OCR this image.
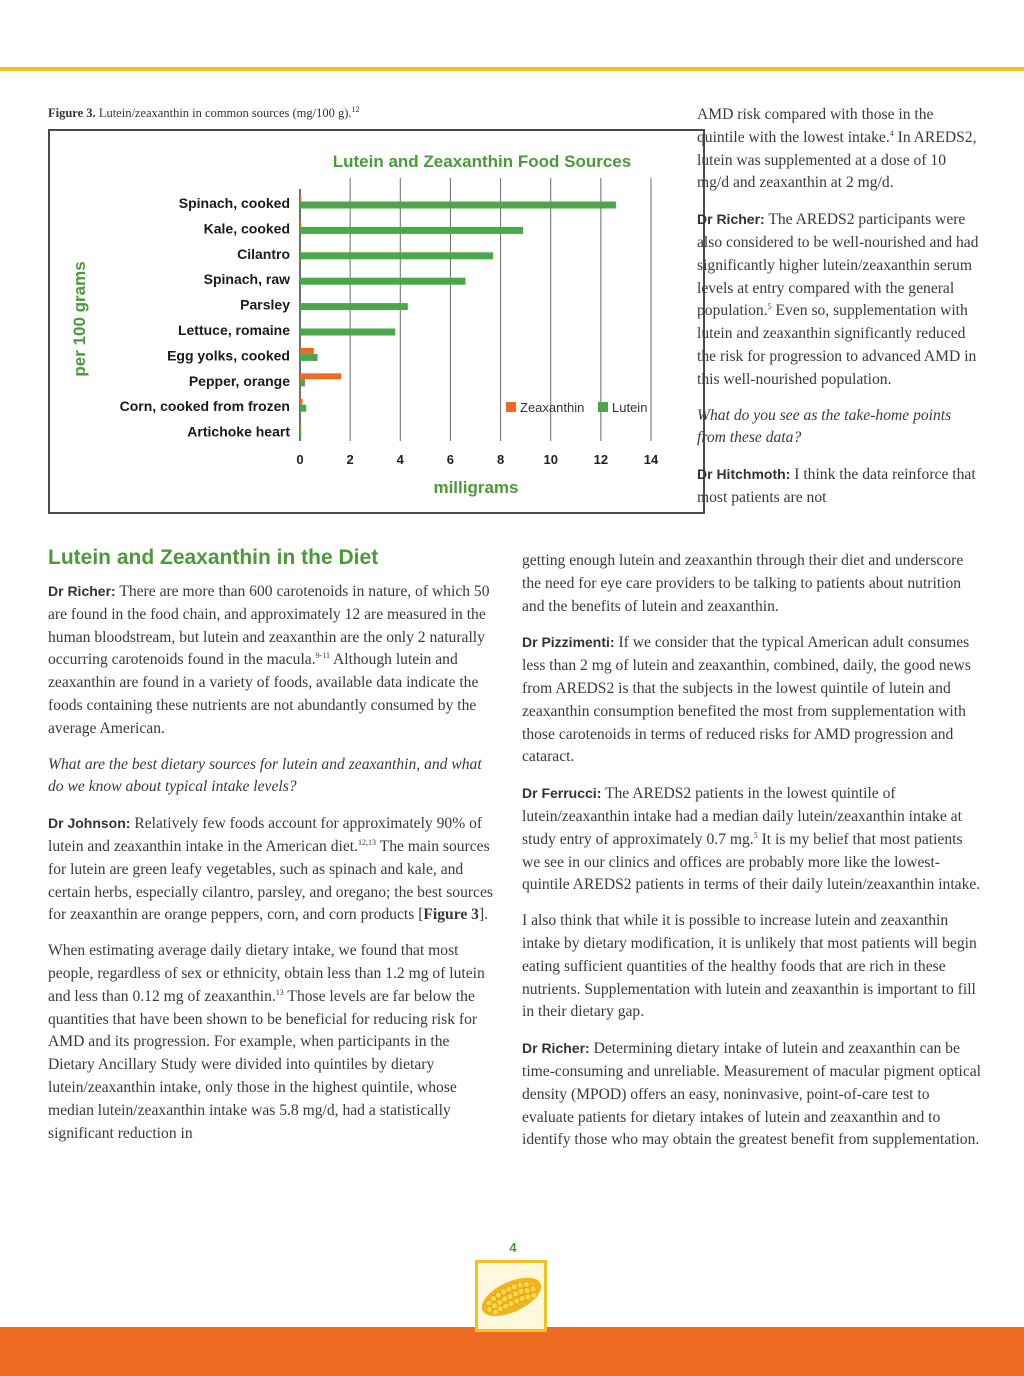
Figure 3. Lutein/zeaxanthin in common sources (mg/100 g).$^{12}$
Lutein and Zeaxanthin Food Sources
per 100 grams
milligrams
Spinach, cooked
Kale, cooked
Cilantro
Spinach, raw
Parsley
Lettuce, romaine
Egg yolks, cooked
Pepper, orange
Corn, cooked from frozen
Artichoke heart
0	2	4	6	8	10	12	14
Zeaxanthin Lutein
Lutein and Zeaxanthin in the Diet

Dr Richer: There are more than 600 carotenoids in nature, of which 50 are found in the food chain, and approximately 12 are measured in the human bloodstream, but lutein and zeaxanthin are the only 2 naturally occurring carotenoids found in the macula.$^{9-11}$ Although lutein and zeaxanthin are found in a variety of foods, available data indicate the foods containing these nutrients are not abundantly consumed by the average American.

What are the best dietary sources for lutein and zeaxanthin, and what do we know about typical intake levels?

Dr Johnson: Relatively few foods account for approximately 90% of lutein and zeaxanthin intake in the American diet.$^{12,13}$ The main sources for lutein are green leafy vegetables, such as spinach and kale, and certain herbs, especially cilantro, parsley, and oregano; the best sources for zeaxanthin are orange peppers, corn, and corn products [Figure 3].

When estimating average daily dietary intake, we found that most people, regardless of sex or ethnicity, obtain less than 1.2 mg of lutein and less than 0.12 mg of zeaxanthin.$^{13}$ Those levels are far below the quantities that have been shown to be beneficial for reducing risk for AMD and its progression. For example, when participants in the Dietary Ancillary Study were divided into quintiles by dietary lutein/zeaxanthin intake, only those in the highest quintile, whose median lutein/zeaxanthin intake was 5.8 mg/d, had a statistically significant reduction in

AMD risk compared with those in the quintile with the lowest intake.$^4$ In AREDS2, lutein was supplemented at a dose of 10 mg/d and zeaxanthin at 2 mg/d.

Dr Richer: The AREDS2 participants were also considered to be well-nourished and had significantly higher lutein/zeaxanthin serum levels at entry compared with the general population.$^5$ Even so, supplementation with lutein and zeaxanthin significantly reduced the risk for progression to advanced AMD in this well-nourished population.

What do you see as the take-home points from these data?

Dr Hitchmoth: I think the data reinforce that most patients are not

getting enough lutein and zeaxanthin through their diet and underscore the need for eye care providers to be talking to patients about nutrition and the benefits of lutein and zeaxanthin.

Dr Pizzimenti: If we consider that the typical American adult consumes less than 2 mg of lutein and zeaxanthin, combined, daily, the good news from AREDS2 is that the subjects in the lowest quintile of lutein and zeaxanthin consumption benefited the most from supplementation with those carotenoids in terms of reduced risks for AMD progression and cataract.

Dr Ferrucci: The AREDS2 patients in the lowest quintile of lutein/zeaxanthin intake had a median daily lutein/zeaxanthin intake at study entry of approximately 0.7 mg.$^5$ It is my belief that most patients we see in our clinics and offices are probably more like the lowest-quintile AREDS2 patients in terms of their daily lutein/zeaxanthin intake.

I also think that while it is possible to increase lutein and zeaxanthin intake by dietary modification, it is unlikely that most patients will begin eating sufficient quantities of the healthy foods that are rich in these nutrients. Supplementation with lutein and zeaxanthin is important to fill in their dietary gap.

Dr Richer: Determining dietary intake of lutein and zeaxanthin can be time-consuming and unreliable. Measurement of macular pigment optical density (MPOD) offers an easy, noninvasive, point-of-care test to evaluate patients for dietary intakes of lutein and zeaxanthin and to identify those who may obtain the greatest benefit from supplementation.

4
